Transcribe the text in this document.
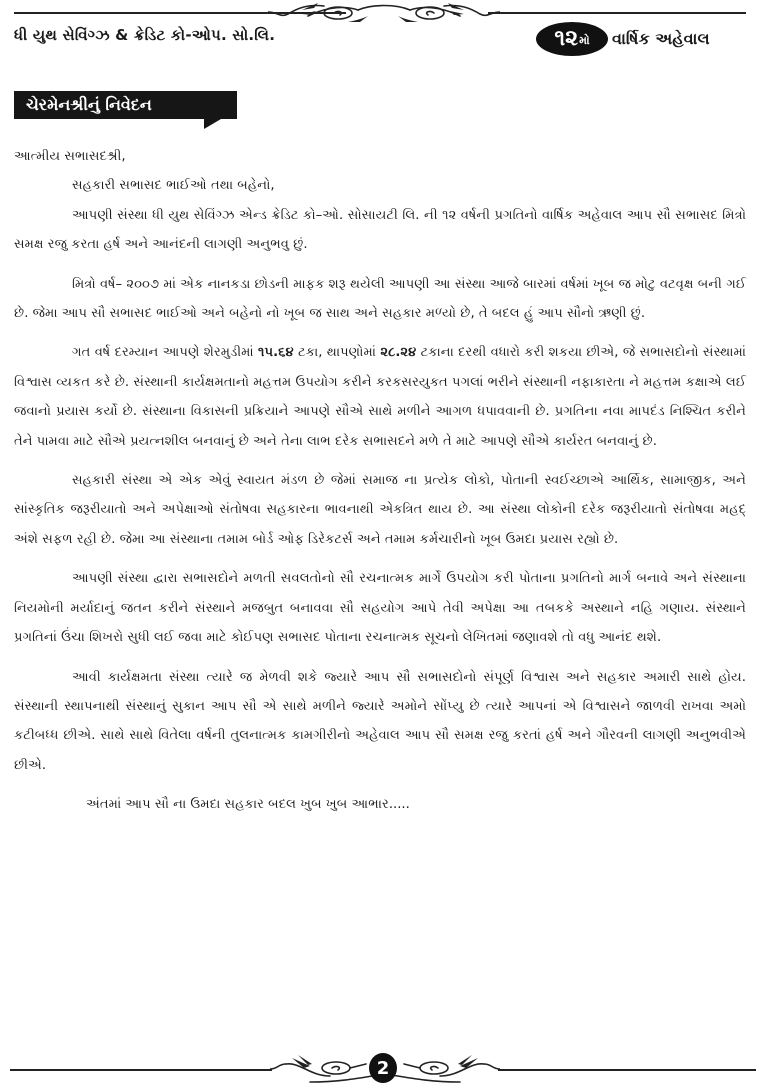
ધી યુથ સેવિંગ્ઝ & ક્રેડિટ કો-ઓપ. સો.લિ.	૧૨ મો વાર્ષિક અહેવાલ
ચેરમેનશ્રીનું નિવેદન

આત્મીય સભાસદશ્રી,

સહકારી સભાસદ ભાઈઓ તથા બહેનો,

આપણી સંસ્થા ધી યુથ સેવિંગ્ઝ એન્ડ ક્રેડિટ કો–ઓ. સોસાયટી લિ. ની ૧૨ વર્ષની પ્રગતિનો વાર્ષિક અહેવાલ આપ સૌ સભાસદ મિત્રો સમક્ષ રજુ કરતા હર્ષ અને આનંદની લાગણી અનુભવુ છું.

મિત્રો વર્ષ– ૨૦૦૭ માં એક નાનકડા છોડની માફક શરૂ થયેલી આપણી આ સંસ્થા આજે બારમાં વર્ષમાં ખૂબ જ મોટુ વટવૃક્ષ બની ગઈ છે. જેમા આપ સૌ સભાસદ ભાઈઓ અને બહેનો નો ખૂબ જ સાથ અને સહકાર મળ્યો છે, તે બદલ હું આપ સૌનો ઋણી છું.

ગત વર્ષ દરમ્યાન આપણે શેરમુડીમાં ૧૫.૬૪ ટકા, થાપણોમાં ૨૮.૨૪ ટકાના દરથી વધારો કરી શકયા છીએ, જે સભાસદોનો સંસ્થામાં વિશ્વાસ વ્યકત કરે છે. સંસ્થાની કાર્યક્ષમતાનો મહત્તમ ઉપયોગ કરીને કરકસરયુકત પગલાં ભરીને સંસ્થાની નફાકારતા ને મહત્તમ કક્ષાએ લઈ જવાનો પ્રયાસ કર્યો છે. સંસ્થાના વિકાસની પ્રક્રિયાને આપણે સૌએ સાથે મળીને આગળ ધપાવવાની છે. પ્રગતિના નવા માપદંડ નિશ્ચિત કરીને તેને પામવા માટે સૌએ પ્રયત્નશીલ બનવાનું છે અને તેના લાભ દરેક સભાસદને મળે તે માટે આપણે સૌએ કાર્યરત બનવાનું છે.

સહકારી સંસ્થા એ એક એવું સ્વાયત મંડળ છે જેમાં સમાજ ના પ્રત્યેક લોકો, પોતાની સ્વઈચ્છાએ આર્થિક, સામાજીક, અને સાંસ્કૃતિક જરૂરીયાતો અને અપેક્ષાઓ સંતોષવા સહકારના ભાવનાથી એકત્રિત થાય છે. આ સંસ્થા લોકોની દરેક જરૂરીયાતો સંતોષવા મહદ્ અંશે સફળ રહી છે. જેમા આ સંસ્થાના તમામ બોર્ડ ઓફ ડિરેકટર્સ અને તમામ કર્મચારીનો ખૂબ ઉમદા પ્રયાસ રહ્યો છે.

આપણી સંસ્થા દ્વારા સભાસદોને મળતી સવલતોનો સૌ રચનાત્મક માર્ગે ઉપયોગ કરી પોતાના પ્રગતિનો માર્ગ બનાવે અને સંસ્થાના નિયમોની મર્યાદાનું જતન કરીને સંસ્થાને મજબુત બનાવવા સૌ સહયોગ આપે તેવી અપેક્ષા આ તબકકે અસ્થાને નહિ ગણાય. સંસ્થાને પ્રગતિનાં ઉંચા શિખરો સુધી લઈ જવા માટે કોઈપણ સભાસદ પોતાના રચનાત્મક સૂચનો લેખિતમાં જણાવશે તો વધુ આનંદ થશે.

આવી કાર્યક્ષમતા સંસ્થા ત્યારે જ મેળવી શકે જ્યારે આપ સૌ સભાસદોનો સંપૂર્ણ વિશ્વાસ અને સહકાર અમારી સાથે હોય. સંસ્થાની સ્થાપનાથી સંસ્થાનું સુકાન આપ સૌ એ સાથે મળીને જ્યારે અમોને સોંપ્યુ છે ત્યારે આપનાં એ વિશ્વાસને જાળવી રાખવા અમો કટીબધ્ધ છીએ. સાથે સાથે વિતેલા વર્ષની તુલનાત્મક કામગીરીનો અહેવાલ આપ સૌ સમક્ષ રજુ કરતાં હર્ષ અને ગૌરવની લાગણી અનુભવીએ છીએ.

અંતમાં આપ સૌ ના ઉમદા સહકાર બદલ ખુબ ખુબ આભાર.....

2
